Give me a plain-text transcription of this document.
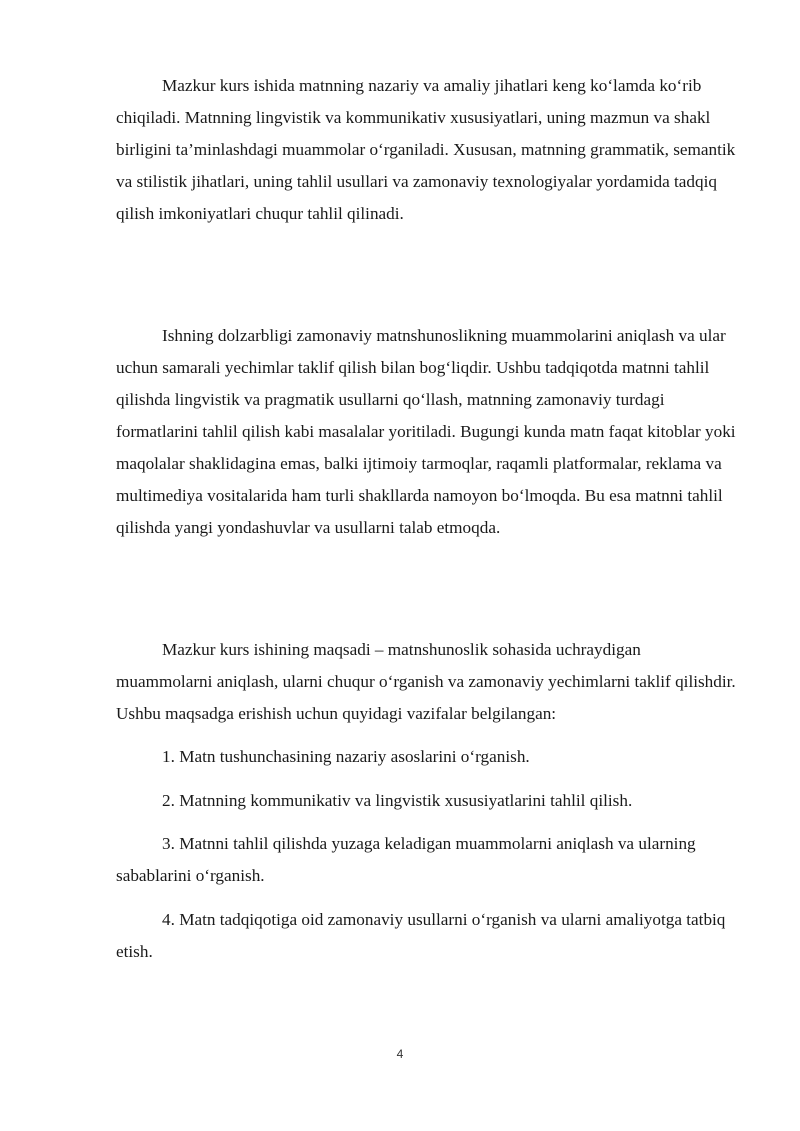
Mazkur kurs ishida matnning nazariy va amaliy jihatlari keng ko‘lamda ko‘rib chiqiladi. Matnning lingvistik va kommunikativ xususiyatlari, uning mazmun va shakl birligini ta’minlashdagi muammolar o‘rganiladi. Xususan, matnning grammatik, semantik va stilistik jihatlari, uning tahlil usullari va zamonaviy texnologiyalar yordamida tadqiq qilish imkoniyatlari chuqur tahlil qilinadi.

Ishning dolzarbligi zamonaviy matnshunoslikning muammolarini aniqlash va ular uchun samarali yechimlar taklif qilish bilan bog‘liqdir. Ushbu tadqiqotda matnni tahlil qilishda lingvistik va pragmatik usullarni qo‘llash, matnning zamonaviy turdagi formatlarini tahlil qilish kabi masalalar yoritiladi. Bugungi kunda matn faqat kitoblar yoki maqolalar shaklidagina emas, balki ijtimoiy tarmoqlar, raqamli platformalar, reklama va multimediya vositalarida ham turli shakllarda namoyon bo‘lmoqda. Bu esa matnni tahlil qilishda yangi yondashuvlar va usullarni talab etmoqda.

Mazkur kurs ishining maqsadi – matnshunoslik sohasida uchraydigan muammolarni aniqlash, ularni chuqur o‘rganish va zamonaviy yechimlarni taklif qilishdir. Ushbu maqsadga erishish uchun quyidagi vazifalar belgilangan:

1. Matn tushunchasining nazariy asoslarini o‘rganish.

2. Matnning kommunikativ va lingvistik xususiyatlarini tahlil qilish.

3. Matnni tahlil qilishda yuzaga keladigan muammolarni aniqlash va ularning sabablarini o‘rganish.

4. Matn tadqiqotiga oid zamonaviy usullarni o‘rganish va ularni amaliyotga tatbiq etish.

4
